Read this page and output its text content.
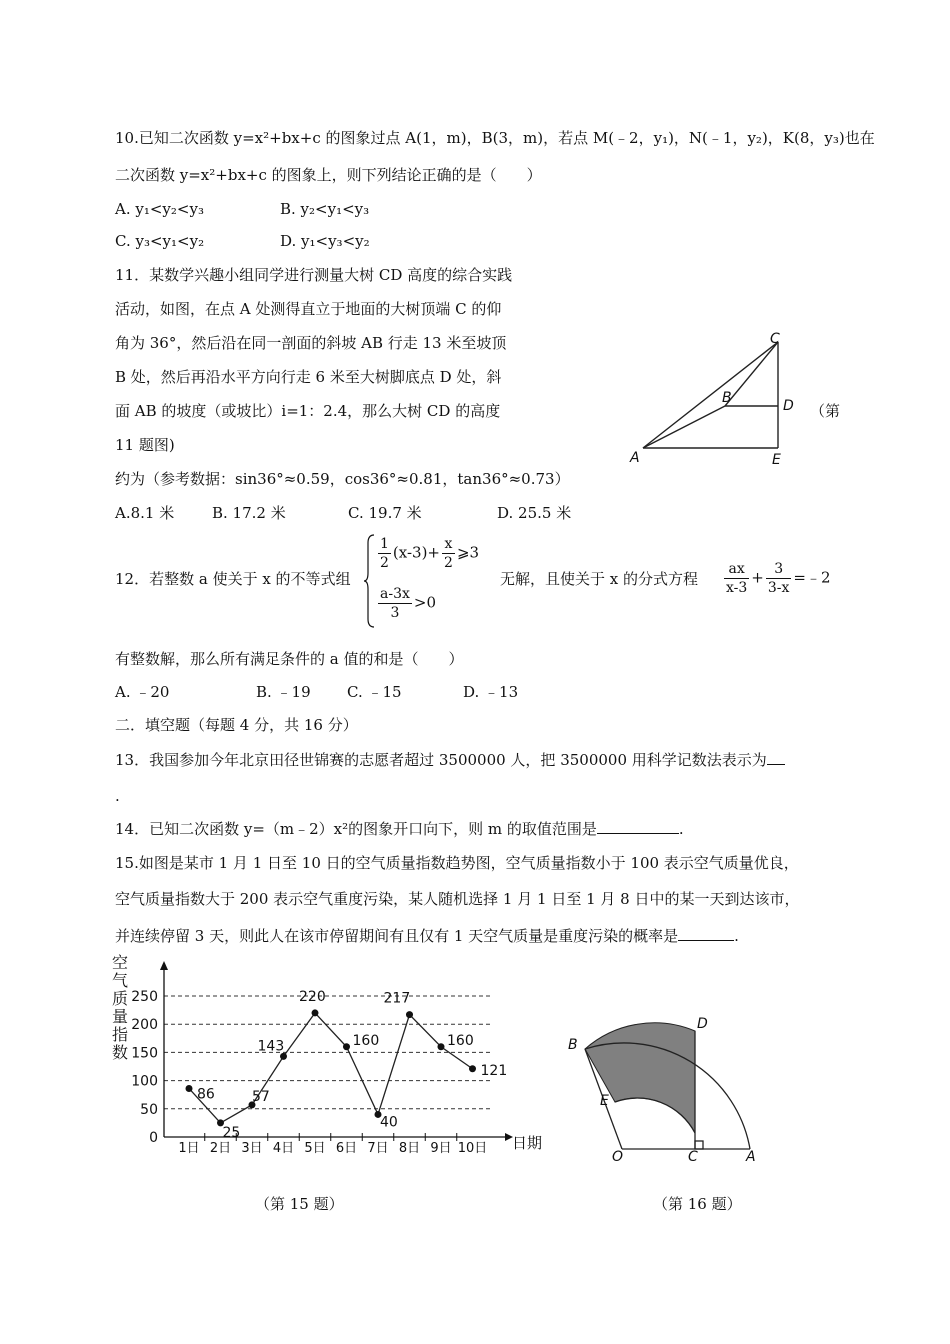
10.已知二次函数 y=x²+bx+c 的图象过点 A(1，m)，B(3，m)，若点 M(﹣2，y₁)，N(﹣1，y₂)，K(8，y₃)也在
二次函数 y=x²+bx+c 的图象上，则下列结论正确的是（　　）
A. y₁<y₂<y₃	B. y₂<y₁<y₃
C. y₃<y₁<y₂	D. y₁<y₃<y₂
11．某数学兴趣小组同学进行测量大树 CD 高度的综合实践
活动，如图，在点 A 处测得直立于地面的大树顶端 C 的仰
角为 36°，然后沿在同一剖面的斜坡 AB 行走 13 米至坡顶
B 处，然后再沿水平方向行走 6 米至大树脚底点 D 处，斜
面 AB 的坡度（或坡比）i=1：2.4，那么大树 CD 的高度	（第
11 题图)
约为（参考数据：sin36°≈0.59，cos36°≈0.81，tan36°≈0.73）
A.8.1 米	B. 17.2 米	C. 19.7 米	D. 25.5 米
A
B
C
D
E
12．若整数 a 使关于 x 的不等式组
$\frac{1}{2} (x-3)+ \frac{x}{2}$ ⩾3
$\frac{a-3x}{3} >0$
无解，且使关于 x 的分式方程 $\frac{ax}{x-3} + \frac{3}{3-x}$ =﹣2
有整数解，那么所有满足条件的 a 值的和是（　　）
A. ﹣20	B. ﹣19 C. ﹣15	D. ﹣13
二．填空题（每题 4 分，共 16 分）
13．我国参加今年北京田径世锦赛的志愿者超过 3500000 人，把 3500000 用科学记数法表示为
.
14．已知二次函数 y=（m﹣2）x²的图象开口向下，则 m 的取值范围是	.
15.如图是某市 1 月 1 日至 10 日的空气质量指数趋势图，空气质量指数小于 100 表示空气质量优良，
空气质量指数大于 200 表示空气重度污染，某人随机选择 1 月 1 日至 1 月 8 日中的某一天到达该市，
并连续停留 3 天，则此人在该市停留期间有且仅有 1 天空气质量是重度污染的概率是	.
0
50
100
150
200
250
空
气
质
量
指
数
日期
1日 2日 3日 4日 5日 6日 7日 8日 9日 10日
86
25
57
143
220
160
40
217
160
121
B
D
E
O	C	A
（第 15 题）	（第 16 题）
